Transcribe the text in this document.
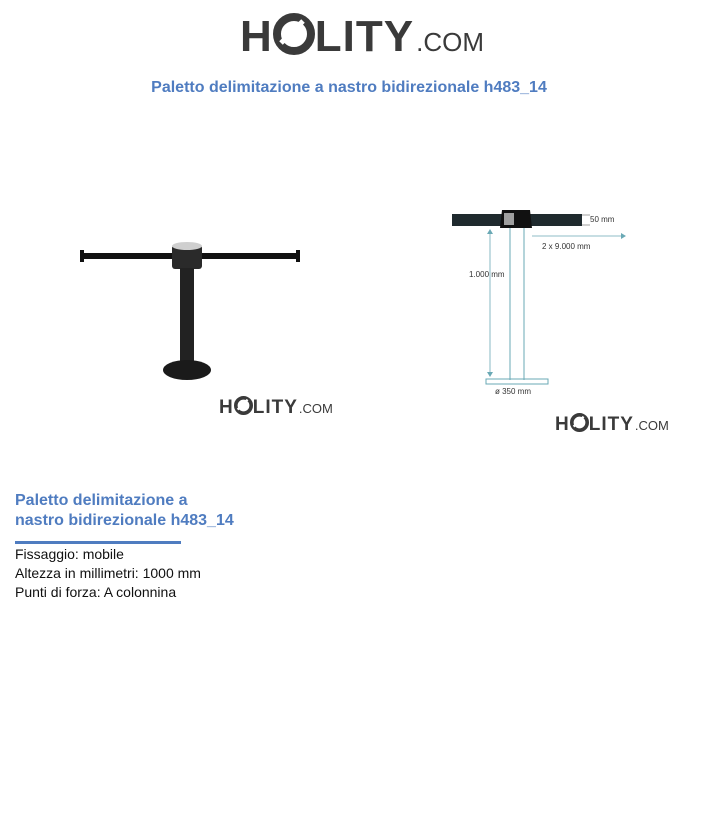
H LITY .COM
Paletto delimitazione a nastro bidirezionale h483_14
H LITY .COM
50 mm
2 x 9.000 mm
1.000 mm
ø 350 mm
H LITY .COM
Paletto delimitazione a
nastro bidirezionale h483_14
Fissaggio: mobile
Altezza in millimetri: 1000 mm
Punti di forza: A colonnina
